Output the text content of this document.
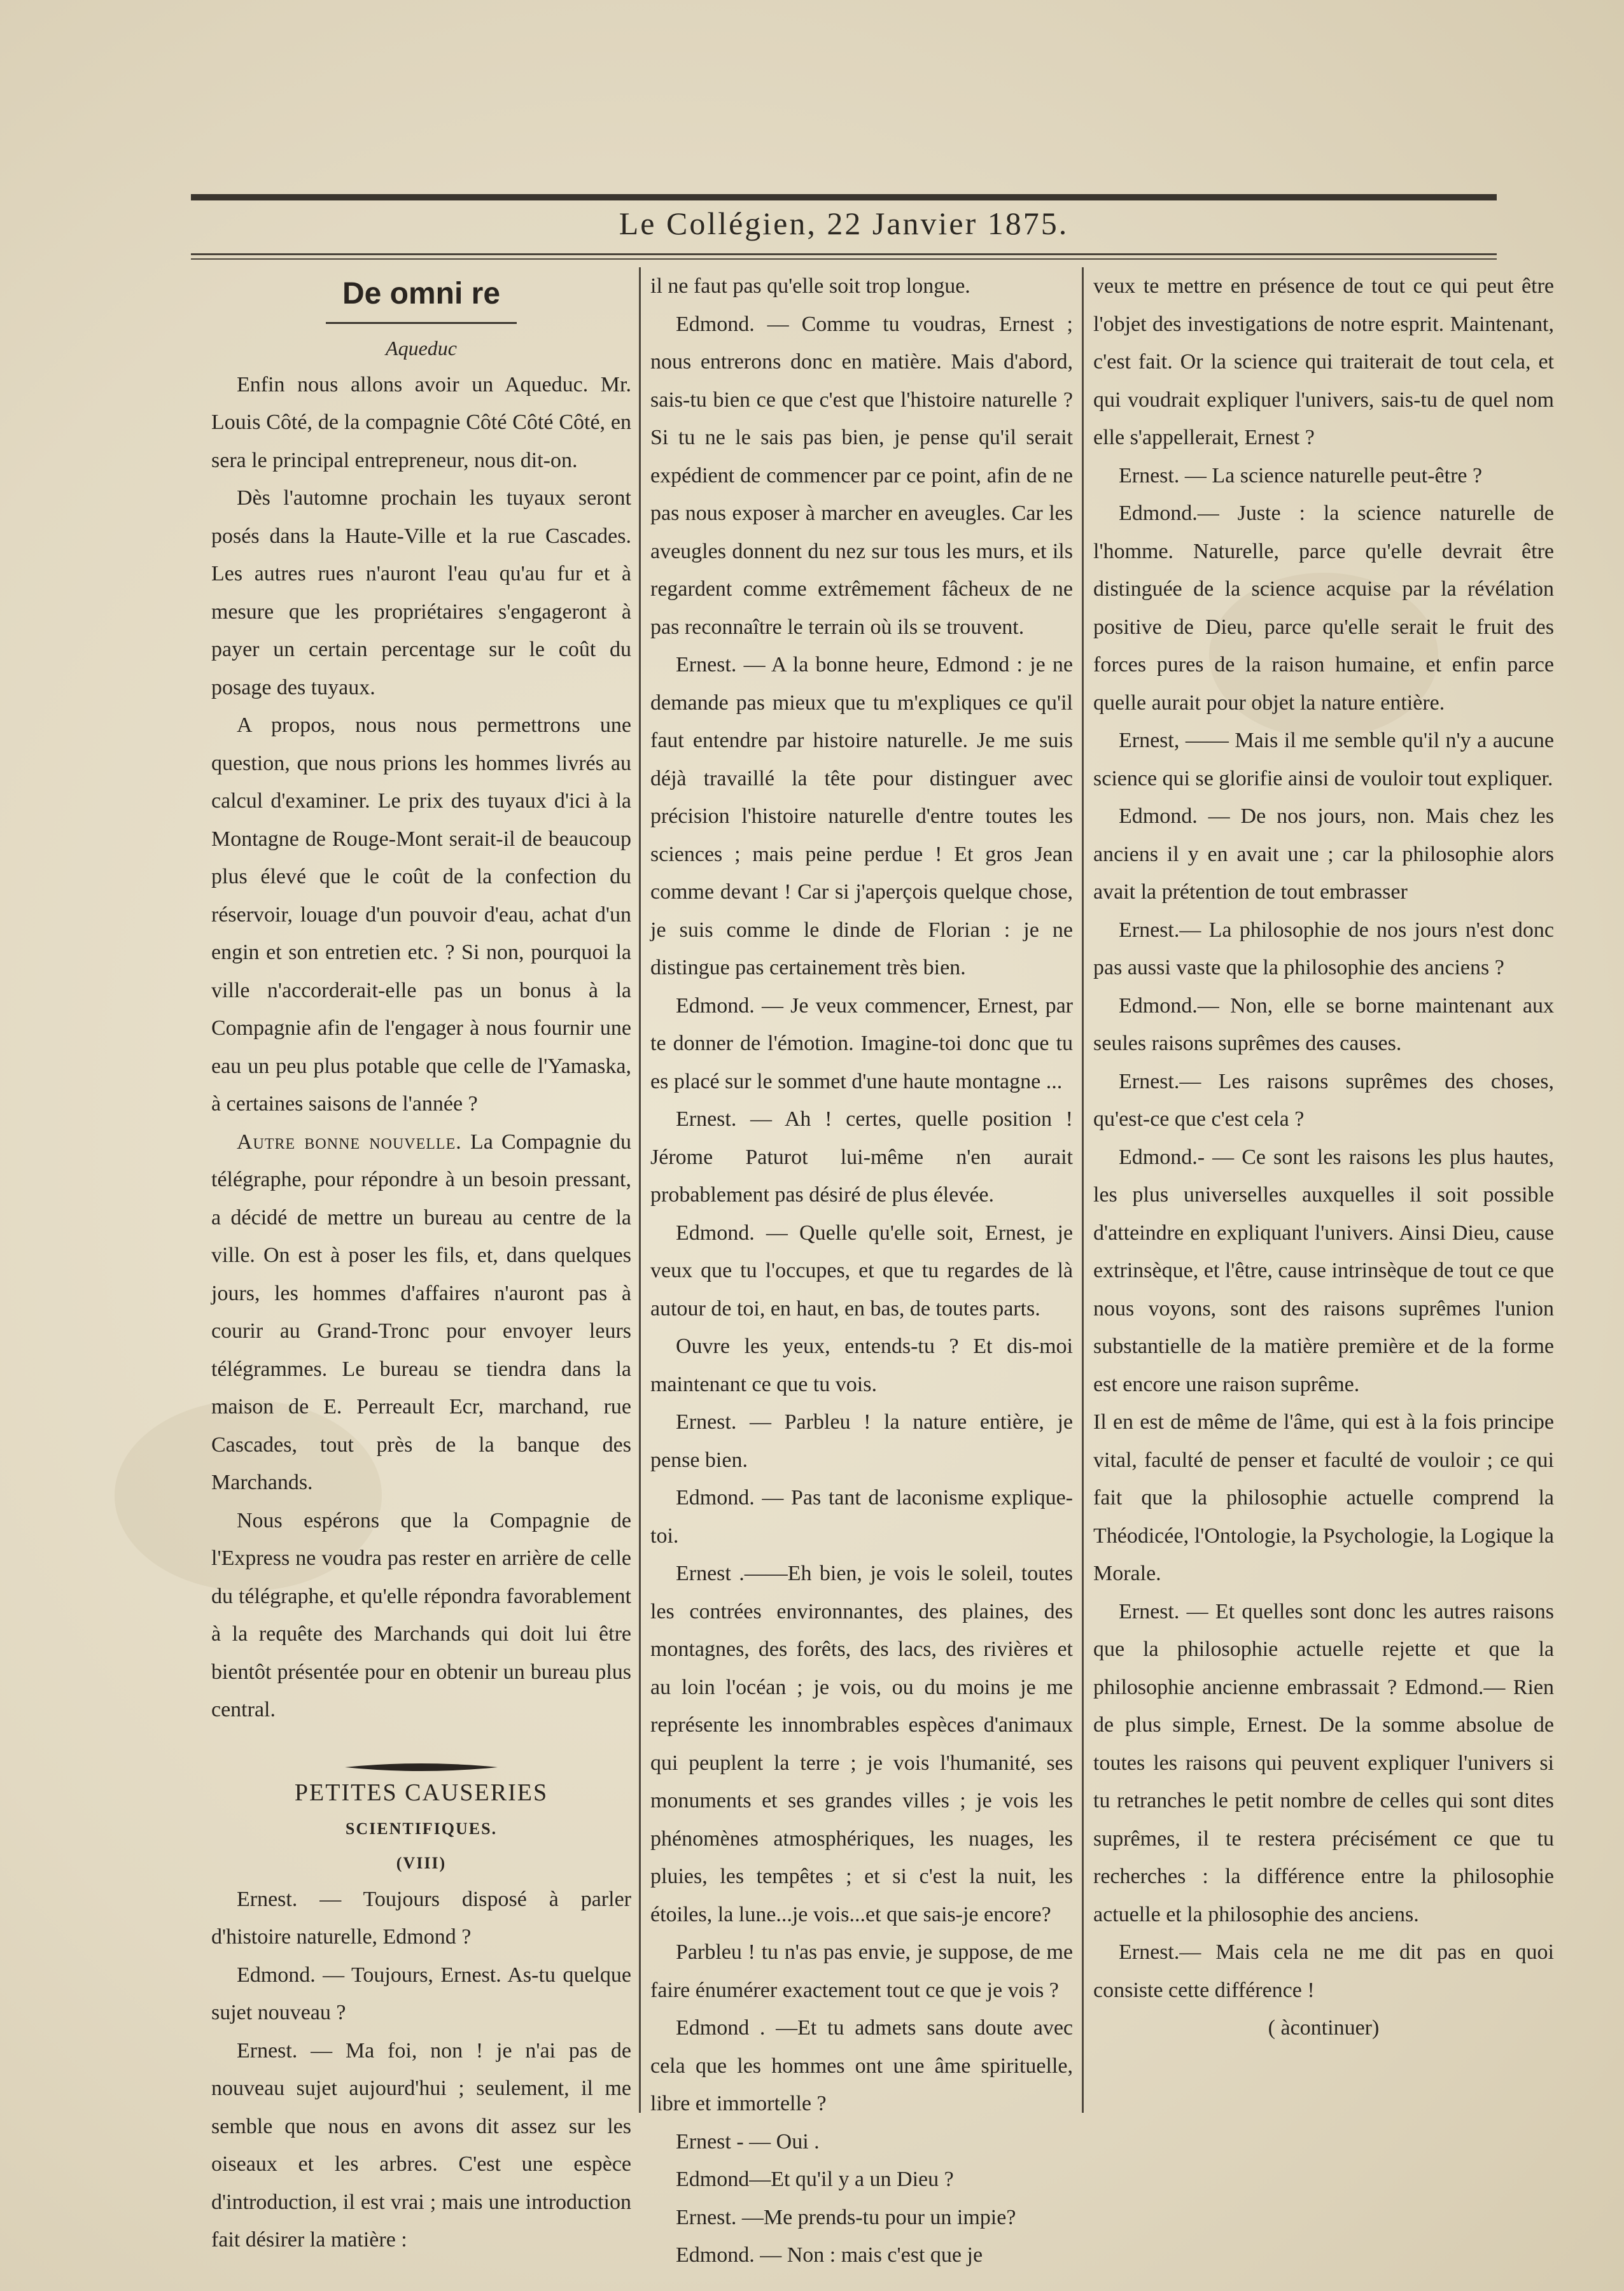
Le Collégien, 22 Janvier 1875.
De omni re
Aqueduc

Enfin nous allons avoir un Aqueduc. Mr. Louis Côté, de la compagnie Côté Côté Côté, en sera le principal entrepreneur, nous dit-on.

Dès l'automne prochain les tuyaux seront posés dans la Haute-Ville et la rue Cascades. Les autres rues n'auront l'eau qu'au fur et à mesure que les propriétaires s'engageront à payer un certain percentage sur le coût du posage des tuyaux.

A propos, nous nous permettrons une question, que nous prions les hommes livrés au calcul d'examiner. Le prix des tuyaux d'ici à la Montagne de Rouge-Mont serait-il de beaucoup plus élevé que le coût de la confection du réservoir, louage d'un pouvoir d'eau, achat d'un engin et son entretien etc. ? Si non, pourquoi la ville n'accorderait-elle pas un bonus à la Compagnie afin de l'engager à nous fournir une eau un peu plus potable que celle de l'Yamaska, à certaines saisons de l'année ?

Autre bonne nouvelle. La Compagnie du télégraphe, pour répondre à un besoin pressant, a décidé de mettre un bureau au centre de la ville. On est à poser les fils, et, dans quelques jours, les hommes d'affaires n'auront pas à courir au Grand-Tronc pour envoyer leurs télégrammes. Le bureau se tiendra dans la maison de E. Perreault Ecr, marchand, rue Cascades, tout près de la banque des Marchands.

Nous espérons que la Compagnie de l'Express ne voudra pas rester en arrière de celle du télégraphe, et qu'elle répondra favorablement à la requête des Marchands qui doit lui être bientôt présentée pour en obtenir un bureau plus central.

PETITES CAUSERIES
SCIENTIFIQUES.
(VIII)

Ernest. — Toujours disposé à parler d'histoire naturelle, Edmond ?

Edmond. — Toujours, Ernest. As-tu quelque sujet nouveau ?

Ernest. — Ma foi, non ! je n'ai pas de nouveau sujet aujourd'hui ; seulement, il me semble que nous en avons dit assez sur les oiseaux et les arbres. C'est une espèce d'introduction, il est vrai ; mais une introduction fait désirer la matière :

il ne faut pas qu'elle soit trop longue.

Edmond. — Comme tu voudras, Ernest ; nous entrerons donc en matière. Mais d'abord, sais-tu bien ce que c'est que l'histoire naturelle ? Si tu ne le sais pas bien, je pense qu'il serait expédient de commencer par ce point, afin de ne pas nous exposer à marcher en aveugles. Car les aveugles donnent du nez sur tous les murs, et ils regardent comme extrêmement fâcheux de ne pas reconnaître le terrain où ils se trouvent.

Ernest. — A la bonne heure, Edmond : je ne demande pas mieux que tu m'expliques ce qu'il faut entendre par histoire naturelle. Je me suis déjà travaillé la tête pour distinguer avec précision l'histoire naturelle d'entre toutes les sciences ; mais peine perdue ! Et gros Jean comme devant ! Car si j'aperçois quelque chose, je suis comme le dinde de Florian : je ne distingue pas certainement très bien.

Edmond. — Je veux commencer, Ernest, par te donner de l'émotion. Imagine-toi donc que tu es placé sur le sommet d'une haute montagne ...

Ernest. — Ah ! certes, quelle position ! Jérome Paturot lui-même n'en aurait probablement pas désiré de plus élevée.

Edmond. — Quelle qu'elle soit, Ernest, je veux que tu l'occupes, et que tu regardes de là autour de toi, en haut, en bas, de toutes parts.

Ouvre les yeux, entends-tu ? Et dis-moi maintenant ce que tu vois.

Ernest. — Parbleu ! la nature entière, je pense bien.

Edmond. — Pas tant de laconisme explique-toi.

Ernest .——Eh bien, je vois le soleil, toutes les contrées environnantes, des plaines, des montagnes, des forêts, des lacs, des rivières et au loin l'océan ; je vois, ou du moins je me représente les innombrables espèces d'animaux qui peuplent la terre ; je vois l'humanité, ses monuments et ses grandes villes ; je vois les phénomènes atmosphériques, les nuages, les pluies, les tempêtes ; et si c'est la nuit, les étoiles, la lune...je vois...et que sais-je encore?

Parbleu ! tu n'as pas envie, je suppose, de me faire énumérer exactement tout ce que je vois ?

Edmond . —Et tu admets sans doute avec cela que les hommes ont une âme spirituelle, libre et immortelle ?

Ernest - — Oui .

Edmond—Et qu'il y a un Dieu ?

Ernest. —Me prends-tu pour un impie?

Edmond. — Non : mais c'est que je

veux te mettre en présence de tout ce qui peut être l'objet des investigations de notre esprit. Maintenant, c'est fait. Or la science qui traiterait de tout cela, et qui voudrait expliquer l'univers, sais-tu de quel nom elle s'appellerait, Ernest ?

Ernest. — La science naturelle peut-être ?

Edmond.— Juste : la science naturelle de l'homme. Naturelle, parce qu'elle devrait être distinguée de la science acquise par la révélation positive de Dieu, parce qu'elle serait le fruit des forces pures de la raison humaine, et enfin parce quelle aurait pour objet la nature entière.

Ernest, —— Mais il me semble qu'il n'y a aucune science qui se glorifie ainsi de vouloir tout expliquer.

Edmond. — De nos jours, non. Mais chez les anciens il y en avait une ; car la philosophie alors avait la prétention de tout embrasser

Ernest.— La philosophie de nos jours n'est donc pas aussi vaste que la philosophie des anciens ?

Edmond.— Non, elle se borne maintenant aux seules raisons suprêmes des causes.

Ernest.— Les raisons suprêmes des choses, qu'est-ce que c'est cela ?

Edmond.- — Ce sont les raisons les plus hautes, les plus universelles auxquelles il soit possible d'atteindre en expliquant l'univers. Ainsi Dieu, cause extrinsèque, et l'être, cause intrinsèque de tout ce que nous voyons, sont des raisons suprêmes l'union substantielle de la matière première et de la forme est encore une raison suprême.

Il en est de même de l'âme, qui est à la fois principe vital, faculté de penser et faculté de vouloir ; ce qui fait que la philosophie actuelle comprend la Théodicée, l'Ontologie, la Psychologie, la Logique la Morale.

Ernest. — Et quelles sont donc les autres raisons que la philosophie actuelle rejette et que la philosophie ancienne embrassait ? Edmond.— Rien de plus simple, Ernest. De la somme absolue de toutes les raisons qui peuvent expliquer l'univers si tu retranches le petit nombre de celles qui sont dites suprêmes, il te restera précisément ce que tu recherches : la différence entre la philosophie actuelle et la philosophie des anciens.

Ernest.— Mais cela ne me dit pas en quoi consiste cette différence !

( àcontinuer)
